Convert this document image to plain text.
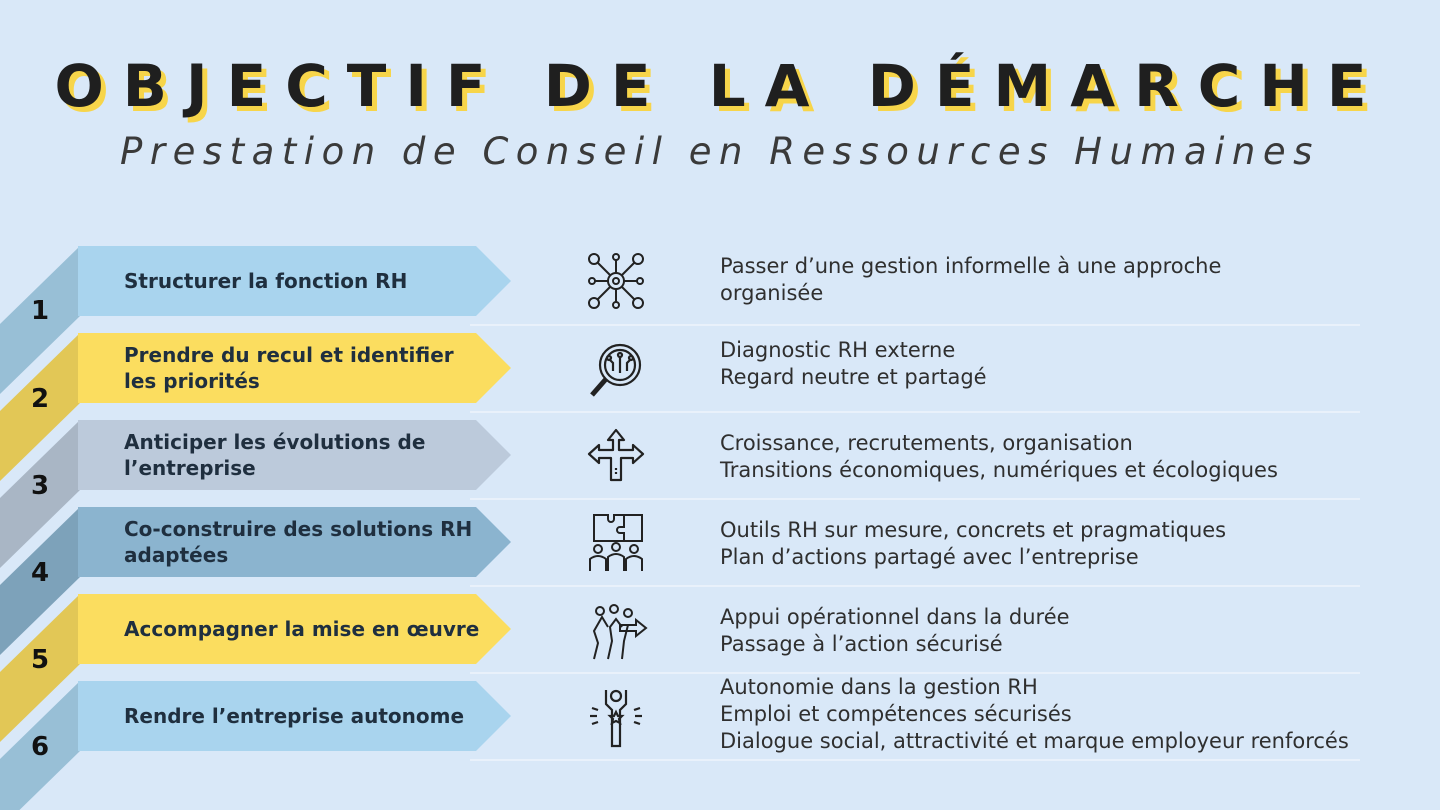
OBJECTIF DE LA DÉMARCHE
Prestation de Conseil en Ressources Humaines
1
Structurer la fonction RH
Passer d’une gestion informelle à une approche
organisée
2
Prendre du recul et identifier les priorités
Diagnostic RH externe
Regard neutre et partagé
3
Anticiper les évolutions de l’entreprise
Croissance, recrutements, organisation
Transitions économiques, numériques et écologiques
4
Co-construire des solutions RH adaptées
Outils RH sur mesure, concrets et pragmatiques
Plan d’actions partagé avec l’entreprise
5
Accompagner la mise en œuvre	Appui opérationnel dans la durée
Passage à l’action sécurisé
6
Rendre l’entreprise autonome
Autonomie dans la gestion RH
Emploi et compétences sécurisés
Dialogue social, attractivité et marque employeur renforcés
